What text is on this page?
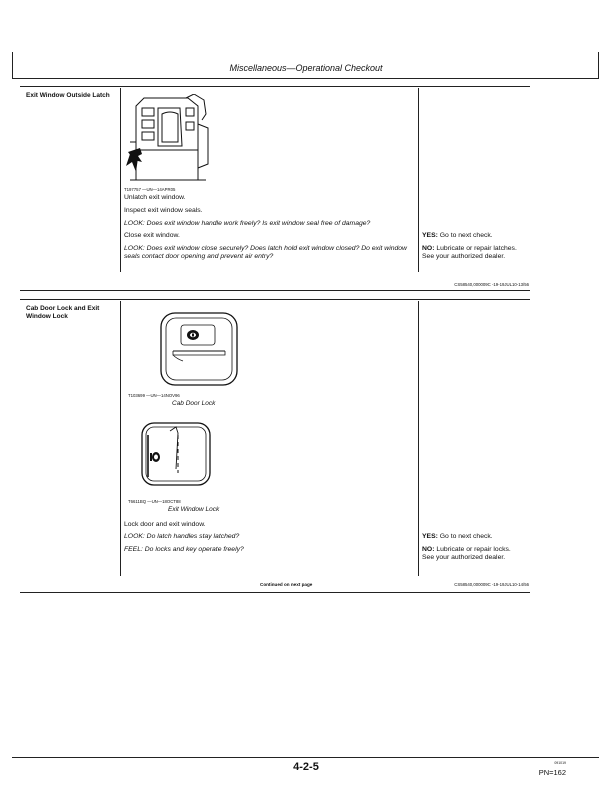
Miscellaneous—Operational Checkout
Exit Window Outside Latch
T197757 —UN—14APR05
Unlatch exit window.
Inspect exit window seals.
LOOK: Does exit window handle work freely? Is exit window seal free of damage?
Close exit window.
LOOK: Does exit window close securely? Does latch hold exit window closed? Do exit window seals contact door opening and prevent air entry?
YES: Go to next check.
NO: Lubricate or repair latches. See your authorized dealer.
CS58540,000009C -19-19JUL10-13/56
Cab Door Lock and Exit Window Lock
T103699 —UN—14NOV96
Cab Door Lock
T6611BQ —UN—18OCT88
Exit Window Lock
Lock door and exit window.
LOOK: Do latch handles stay latched?
FEEL: Do locks and key operate freely?
YES: Go to next check.
NO: Lubricate or repair locks. See your authorized dealer.
Continued on next page	CS58540,000009C -19-19JUL10-14/56
4-2-5	091019
PN=162
